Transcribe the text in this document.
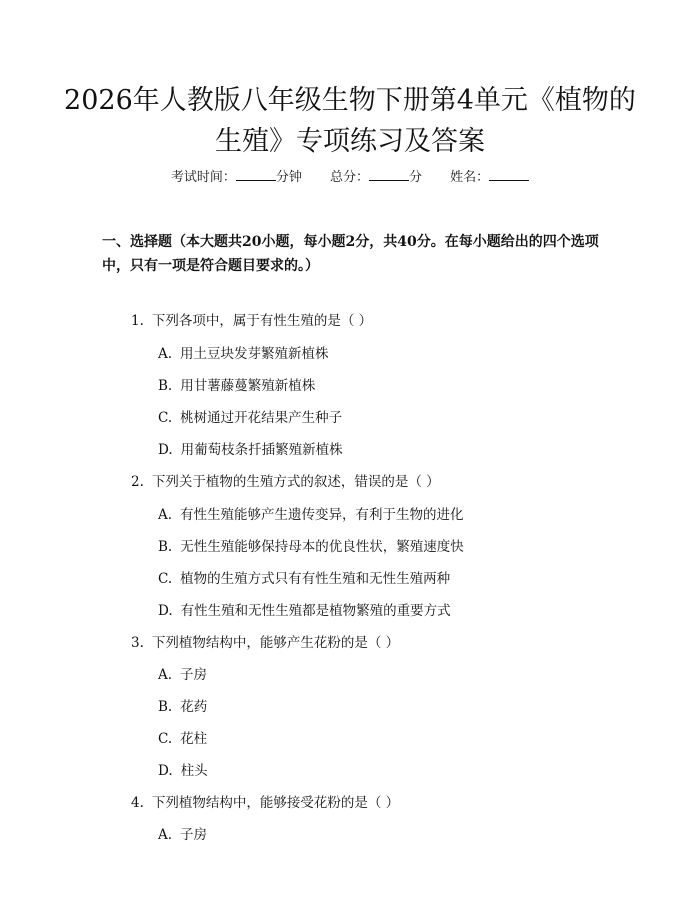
2026年人教版八年级生物下册第4单元《植物的生殖》专项练习及答案
考试时间：	分钟 总分：	分 姓名：

一、选择题（本大题共20小题，每小题2分，共40分。在每小题给出的四个选项中，只有一项是符合题目要求的。）

1. 下列各项中，属于有性生殖的是（ ）
A. 用土豆块发芽繁殖新植株
B. 用甘薯藤蔓繁殖新植株
C. 桃树通过开花结果产生种子
D. 用葡萄枝条扦插繁殖新植株
2. 下列关于植物的生殖方式的叙述，错误的是（ ）
A. 有性生殖能够产生遗传变异，有利于生物的进化
B. 无性生殖能够保持母本的优良性状，繁殖速度快
C. 植物的生殖方式只有有性生殖和无性生殖两种
D. 有性生殖和无性生殖都是植物繁殖的重要方式
3. 下列植物结构中，能够产生花粉的是（ ）
A. 子房
B. 花药
C. 花柱
D. 柱头
4. 下列植物结构中，能够接受花粉的是（ ）
A. 子房
